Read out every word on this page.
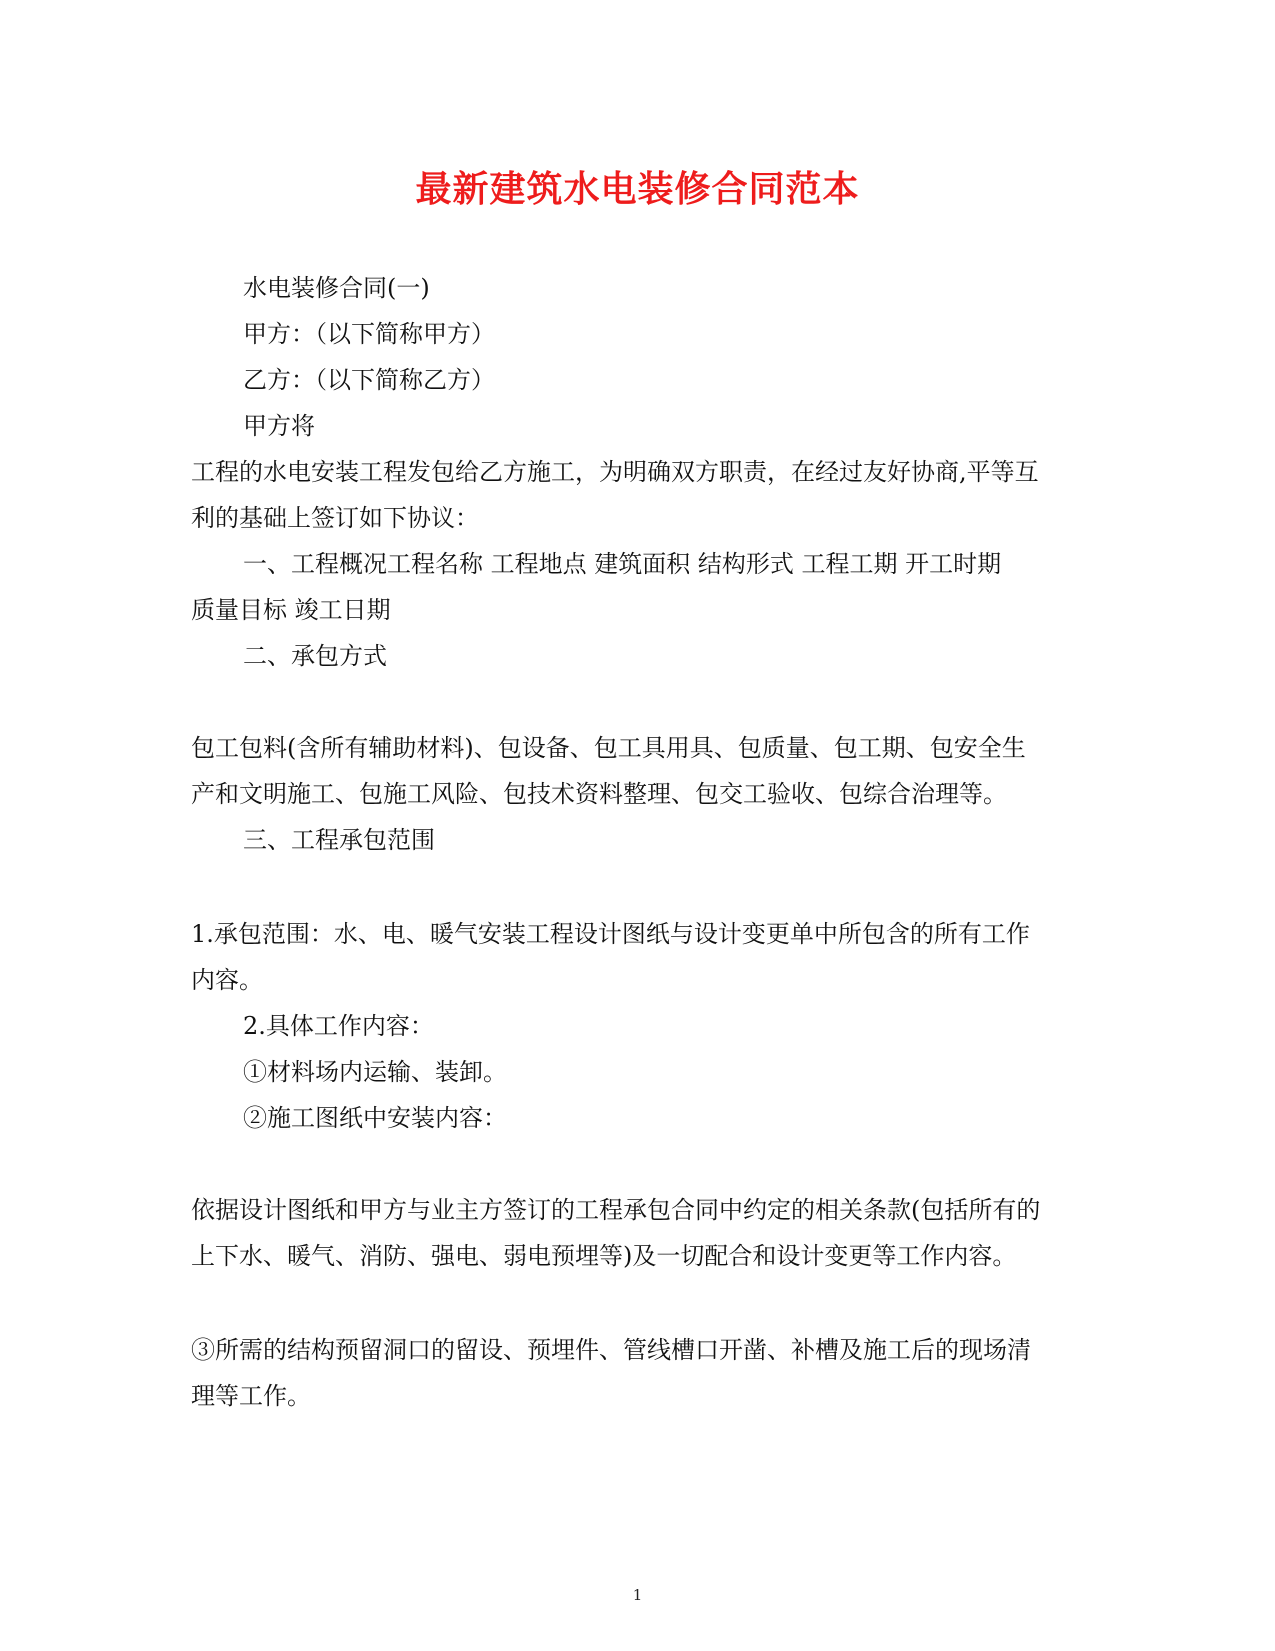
最新建筑水电装修合同范本
水电装修合同(一)
甲方：（以下简称甲方）
乙方：（以下简称乙方）
甲方将
工程的水电安装工程发包给乙方施工，为明确双方职责，在经过友好协商,平等互
利的基础上签订如下协议：
一、工程概况工程名称 工程地点 建筑面积 结构形式 工程工期 开工时期
质量目标 竣工日期
二、承包方式
包工包料(含所有辅助材料)、包设备、包工具用具、包质量、包工期、包安全生
产和文明施工、包施工风险、包技术资料整理、包交工验收、包综合治理等。
三、工程承包范围
1.承包范围：水、电、暖气安装工程设计图纸与设计变更单中所包含的所有工作
内容。
2.具体工作内容：
①材料场内运输、装卸。
②施工图纸中安装内容：
依据设计图纸和甲方与业主方签订的工程承包合同中约定的相关条款(包括所有的
上下水、暖气、消防、强电、弱电预埋等)及一切配合和设计变更等工作内容。
③所需的结构预留洞口的留设、预埋件、管线槽口开凿、补槽及施工后的现场清
理等工作。
1
